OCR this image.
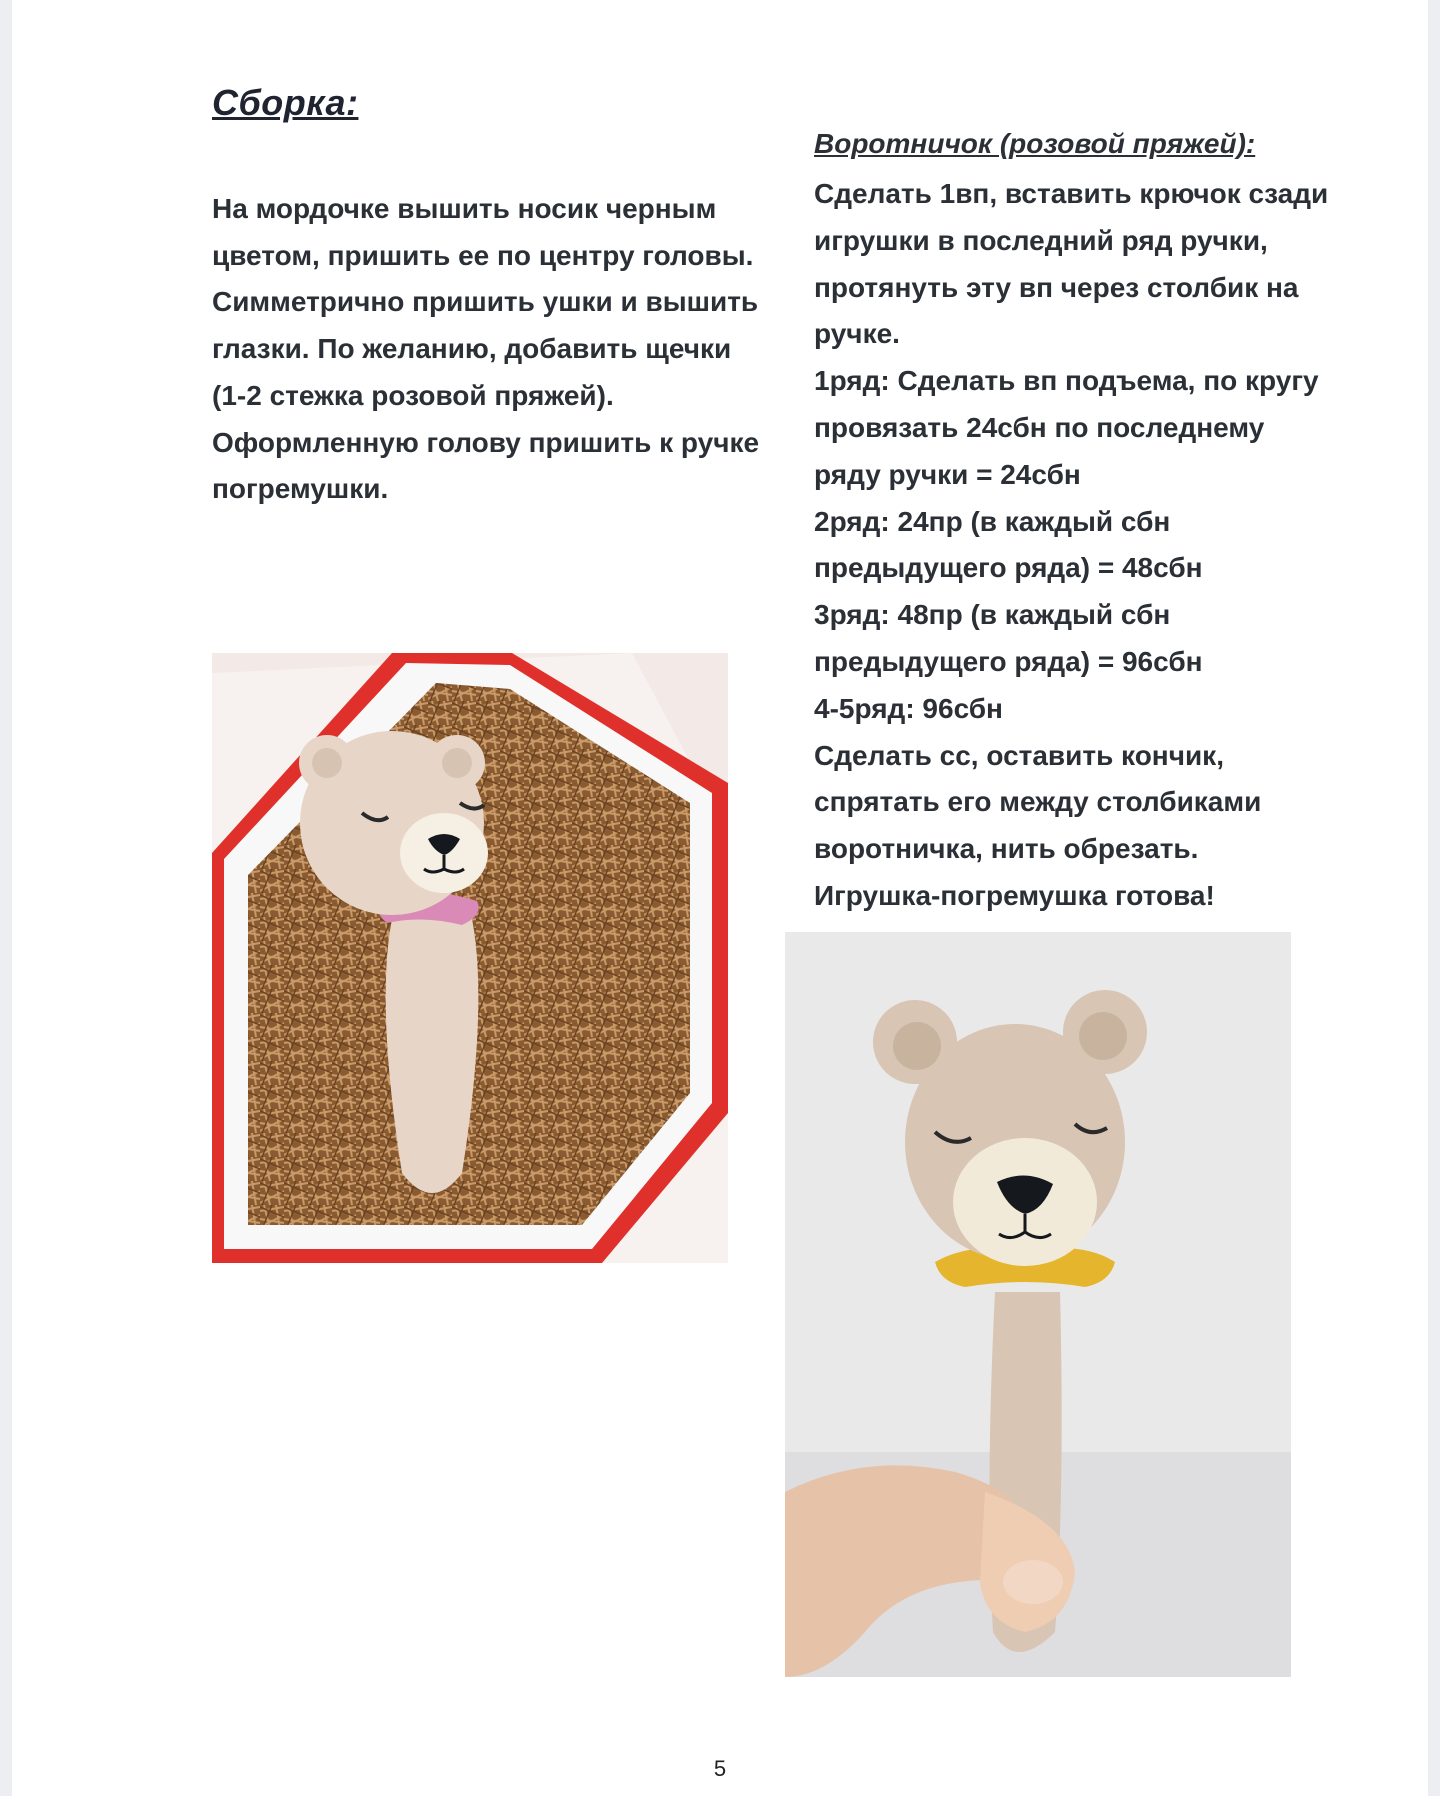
Сборка:

На мордочке вышить носик черным цветом, пришить ее по центру головы.

Симметрично пришить ушки и вышить глазки. По желанию, добавить щечки (1-2 стежка розовой пряжей).

Оформленную голову пришить к ручке погремушки.

Воротничок (розовой пряжей):

Сделать 1вп, вставить крючок сзади игрушки в последний ряд ручки, протянуть эту вп через столбик на ручке.

1ряд: Сделать вп подъема, по кругу провязать 24сбн по последнему ряду ручки = 24сбн

2ряд: 24пр (в каждый сбн предыдущего ряда) = 48сбн

3ряд: 48пр (в каждый сбн предыдущего ряда) = 96сбн

4-5ряд: 96сбн

Сделать сс, оставить кончик, спрятать его между столбиками воротничка, нить обрезать.

Игрушка-погремушка готова!

5
